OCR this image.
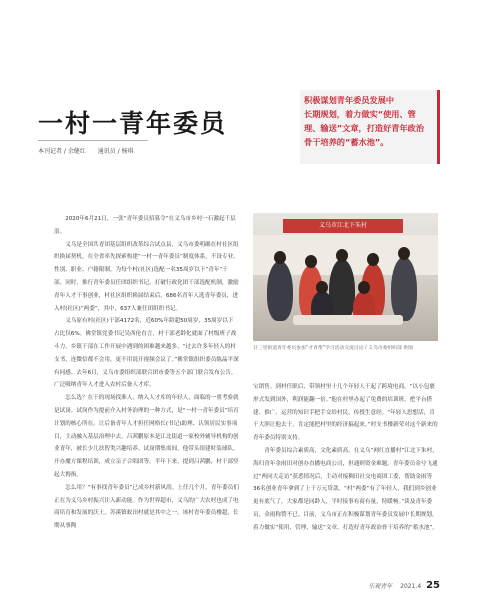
一村一青年委员
本刊记者 / 余健红 通讯员 / 杨琪
积极谋划青年委员发展中
长期规划，着力做实“使用、管
理、输送”文章，打造好青年政治
骨干培养的“蓄水池”。
2020年6月21日，一张“青年委员招募令”在义乌市乡村一石激起千层浪。
义乌是全国共青团基层组织改革综合试点县，义乌市委明确在村社区组织换届契机，在全省率先探索构建“一村一青年委员”制度体系，不设专业、性别、职业、户籍限制，为每个村(社区)选配一名35周岁以下“青年”干部。同时，推行青年委员任团组织书记，打破行政化团干部选配机制，激励青年人才干事创业，村社区组织换届结束后，686名青年人选青年委员，进入村(社区)“两委”，其中，637人兼任团组织书记。
义乌原有村(社区)干部4172名，近60%年龄超50周岁，35周岁以下占比仅6%。佛堂镇党委书记吴西伦直言，村干部老龄化就面了村级班子战斗力，乡镇干部在工作开展中遇到的困难越来越多，“过去许多年轻人的村支书，连微信都不会用，更不用说开视频会议了。”佛堂镇组织委员陈晶平深有同感。去年6月，义乌市委组织部联合团市委等五个部门联合发布公告，广泛吸纳青年人才进入农村后备人才库。
怎么选？在干的现场找准人，纳入人才库的年轻人，面临的一重考验就是试岗。试岗作为提前介入村务治理的一种方式，是“一村一青年委员”培育计划的核心所在。让后备青年人才担任网格长(书记)助理、认领居民实事项目，主动融入基层治理中去。吕茜鹏原本是江北街道一家校外辅导机构的创业青年，被长少儿扶智类兴趣培养。试岗期集需间，他带头组建时装球队，开办魔方课程培训，成立亲子合唱团等，半年下来，提到吕茜鹏，村干部竖起大拇指。
怎么用？“有事找青年委员”已成乡村新风尚。上任几个月，青年委员们正在为义乌乡村振兴注入新动能。作为世界超市，义乌的广大农村也成了电商培育和发展的沃土。苏溪镇蚁田村就是其中之一。该村青年委员楼超，长期从事陶
义乌市江北下朱村
廿三里街道青年委员参加“才青帮”学习活动交流讨论 / 义乌市委组织部 供图
宝销售。到村任职后，带领村里十几个年轻人干起了跨境电商，“以小包裹形式发到国外，利润能翻一倍。”他在村里办起了免费的培训班，把平台搭建、推广、运营的知识手把手交给村民，传授生意经。“年轻人思想活，肯干大胆让他去干，肯定能把村里的经济搞起来。”村支书楼新荣对这个新来的青年委员特别支持。
青年委员综合素质高，文化素质高，在义乌“网红直播村”江北下朱村，海归青年金雨田对创办直播电商公司，但通则资金难题。青年委员金兮飞通过“两同大走访”获悉情况后，主动对接稠田社交电商团工委，帮助金雨等36名创业青年拿到了上千万元贷款。“村“两委”有了年轻人，我们到乡创业更有底气了，大家都是同龄人，平时接事有商有量，特暖畅。”谈及青年委员，金雨称赞不已。目前，义乌市正在积极谋划青年委员发展中长期规划，着力做实“使用、管理、输送”文章，打造好青年政治骨干培养的“蓄水池”。
乐观青年 2021.4 25
